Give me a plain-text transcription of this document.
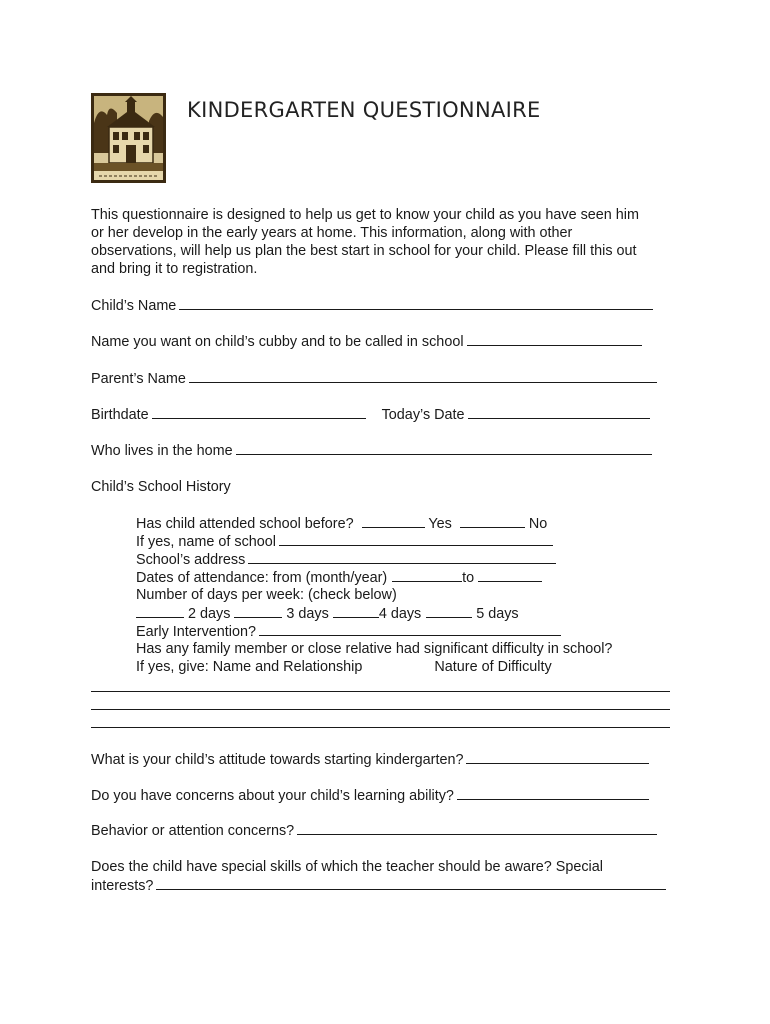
KINDERGARTEN QUESTIONNAIRE
This questionnaire is designed to help us get to know your child as you have seen him
or her develop in the early years at home. This information, along with other
observations, will help us plan the best start in school for your child. Please fill this out
and bring it to registration.
Child’s Name
Name you want on child’s cubby and to be called in school
Parent’s Name
Birthdate	Today’s Date
Who lives in the home
Child’s School History
Has child attended school before?	Yes	No
If yes, name of school
School’s address
Dates of attendance: from (month/year)	to
Number of days per week: (check below)
2 days	3 days	4 days	5 days
Early Intervention?
Has any family member or close relative had significant difficulty in school?
If yes, give: Name and Relationship	Nature of Difficulty
What is your child’s attitude towards starting kindergarten?
Do you have concerns about your child’s learning ability?
Behavior or attention concerns?
Does the child have special skills of which the teacher should be aware? Special
interests?
